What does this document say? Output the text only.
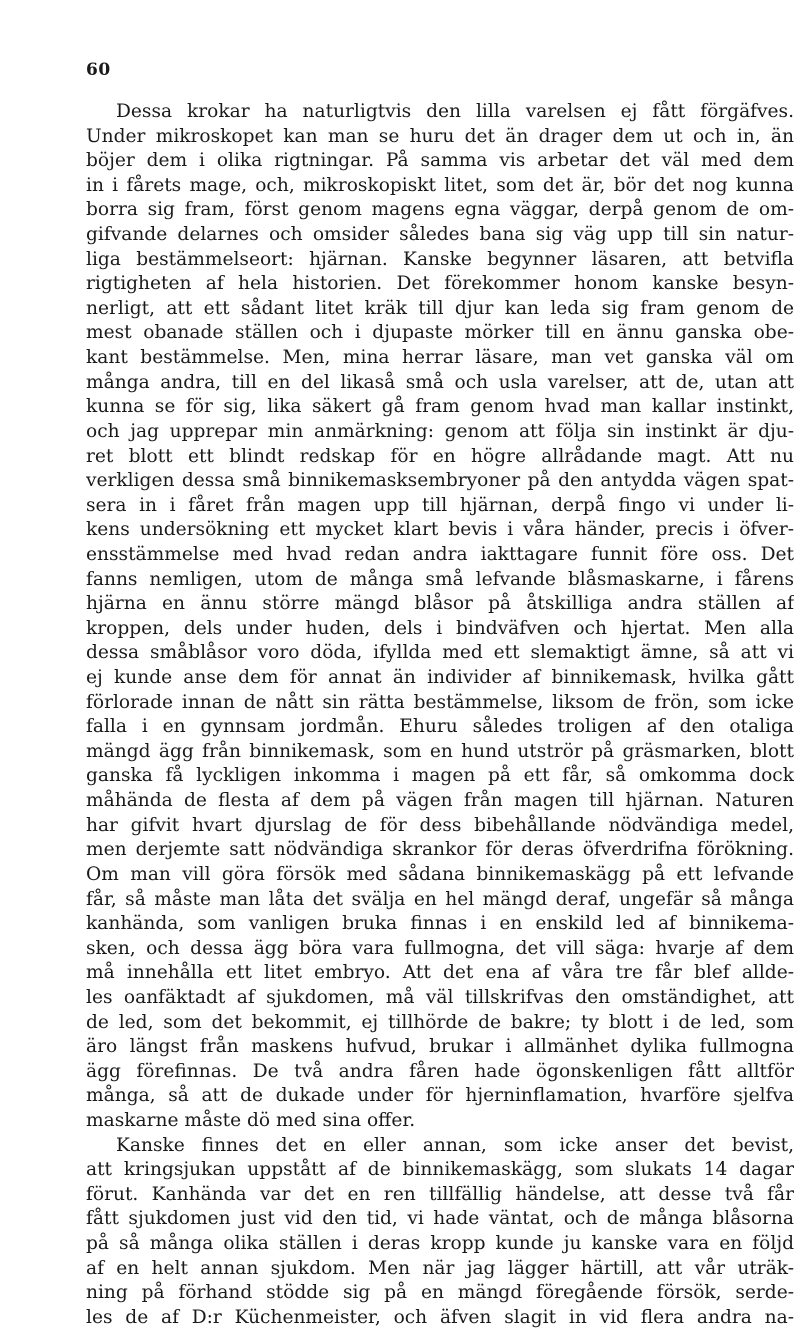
60
Dessa krokar ha naturligtvis den lilla varelsen ej fått förgäfves.
Under mikroskopet kan man se huru det än drager dem ut och in, än
böjer dem i olika rigtningar. På samma vis arbetar det väl med dem
in i fårets mage, och, mikroskopiskt litet, som det är, bör det nog kunna
borra sig fram, först genom magens egna väggar, derpå genom de om-
gifvande delarnes och omsider således bana sig väg upp till sin natur-
liga bestämmelseort: hjärnan. Kanske begynner läsaren, att betvifla
rigtigheten af hela historien. Det förekommer honom kanske besyn-
nerligt, att ett sådant litet kräk till djur kan leda sig fram genom de
mest obanade ställen och i djupaste mörker till en ännu ganska obe-
kant bestämmelse. Men, mina herrar läsare, man vet ganska väl om
många andra, till en del likaså små och usla varelser, att de, utan att
kunna se för sig, lika säkert gå fram genom hvad man kallar instinkt,
och jag upprepar min anmärkning: genom att följa sin instinkt är dju-
ret blott ett blindt redskap för en högre allrådande magt. Att nu
verkligen dessa små binnikemasksembryoner på den antydda vägen spat-
sera in i fåret från magen upp till hjärnan, derpå fingo vi under li-
kens undersökning ett mycket klart bevis i våra händer, precis i öfver-
ensstämmelse med hvad redan andra iakttagare funnit före oss. Det
fanns nemligen, utom de många små lefvande blåsmaskarne, i fårens
hjärna en ännu större mängd blåsor på åtskilliga andra ställen af
kroppen, dels under huden, dels i bindväfven och hjertat. Men alla
dessa småblåsor voro döda, ifyllda med ett slemaktigt ämne, så att vi
ej kunde anse dem för annat än individer af binnikemask, hvilka gått
förlorade innan de nått sin rätta bestämmelse, liksom de frön, som icke
falla i en gynnsam jordmån. Ehuru således troligen af den otaliga
mängd ägg från binnikemask, som en hund utströr på gräsmarken, blott
ganska få lyckligen inkomma i magen på ett får, så omkomma dock
måhända de flesta af dem på vägen från magen till hjärnan. Naturen
har gifvit hvart djurslag de för dess bibehållande nödvändiga medel,
men derjemte satt nödvändiga skrankor för deras öfverdrifna förökning.
Om man vill göra försök med sådana binnikemaskägg på ett lefvande
får, så måste man låta det svälja en hel mängd deraf, ungefär så många
kanhända, som vanligen bruka finnas i en enskild led af binnikema-
sken, och dessa ägg böra vara fullmogna, det vill säga: hvarje af dem
må innehålla ett litet embryo. Att det ena af våra tre får blef allde-
les oanfäktadt af sjukdomen, må väl tillskrifvas den omständighet, att
de led, som det bekommit, ej tillhörde de bakre; ty blott i de led, som
äro längst från maskens hufvud, brukar i allmänhet dylika fullmogna
ägg förefinnas. De två andra fåren hade ögonskenligen fått alltför
många, så att de dukade under för hjerninflamation, hvarföre sjelfva
maskarne måste dö med sina offer.
Kanske finnes det en eller annan, som icke anser det bevist,
att kringsjukan uppstått af de binnikemaskägg, som slukats 14 dagar
förut. Kanhända var det en ren tillfällig händelse, att desse två får
fått sjukdomen just vid den tid, vi hade väntat, och de många blåsorna
på så många olika ställen i deras kropp kunde ju kanske vara en följd
af en helt annan sjukdom. Men när jag lägger härtill, att vår uträk-
ning på förhand stödde sig på en mängd föregående försök, serde-
les de af D:r Küchenmeister, och äfven slagit in vid flera andra na-
